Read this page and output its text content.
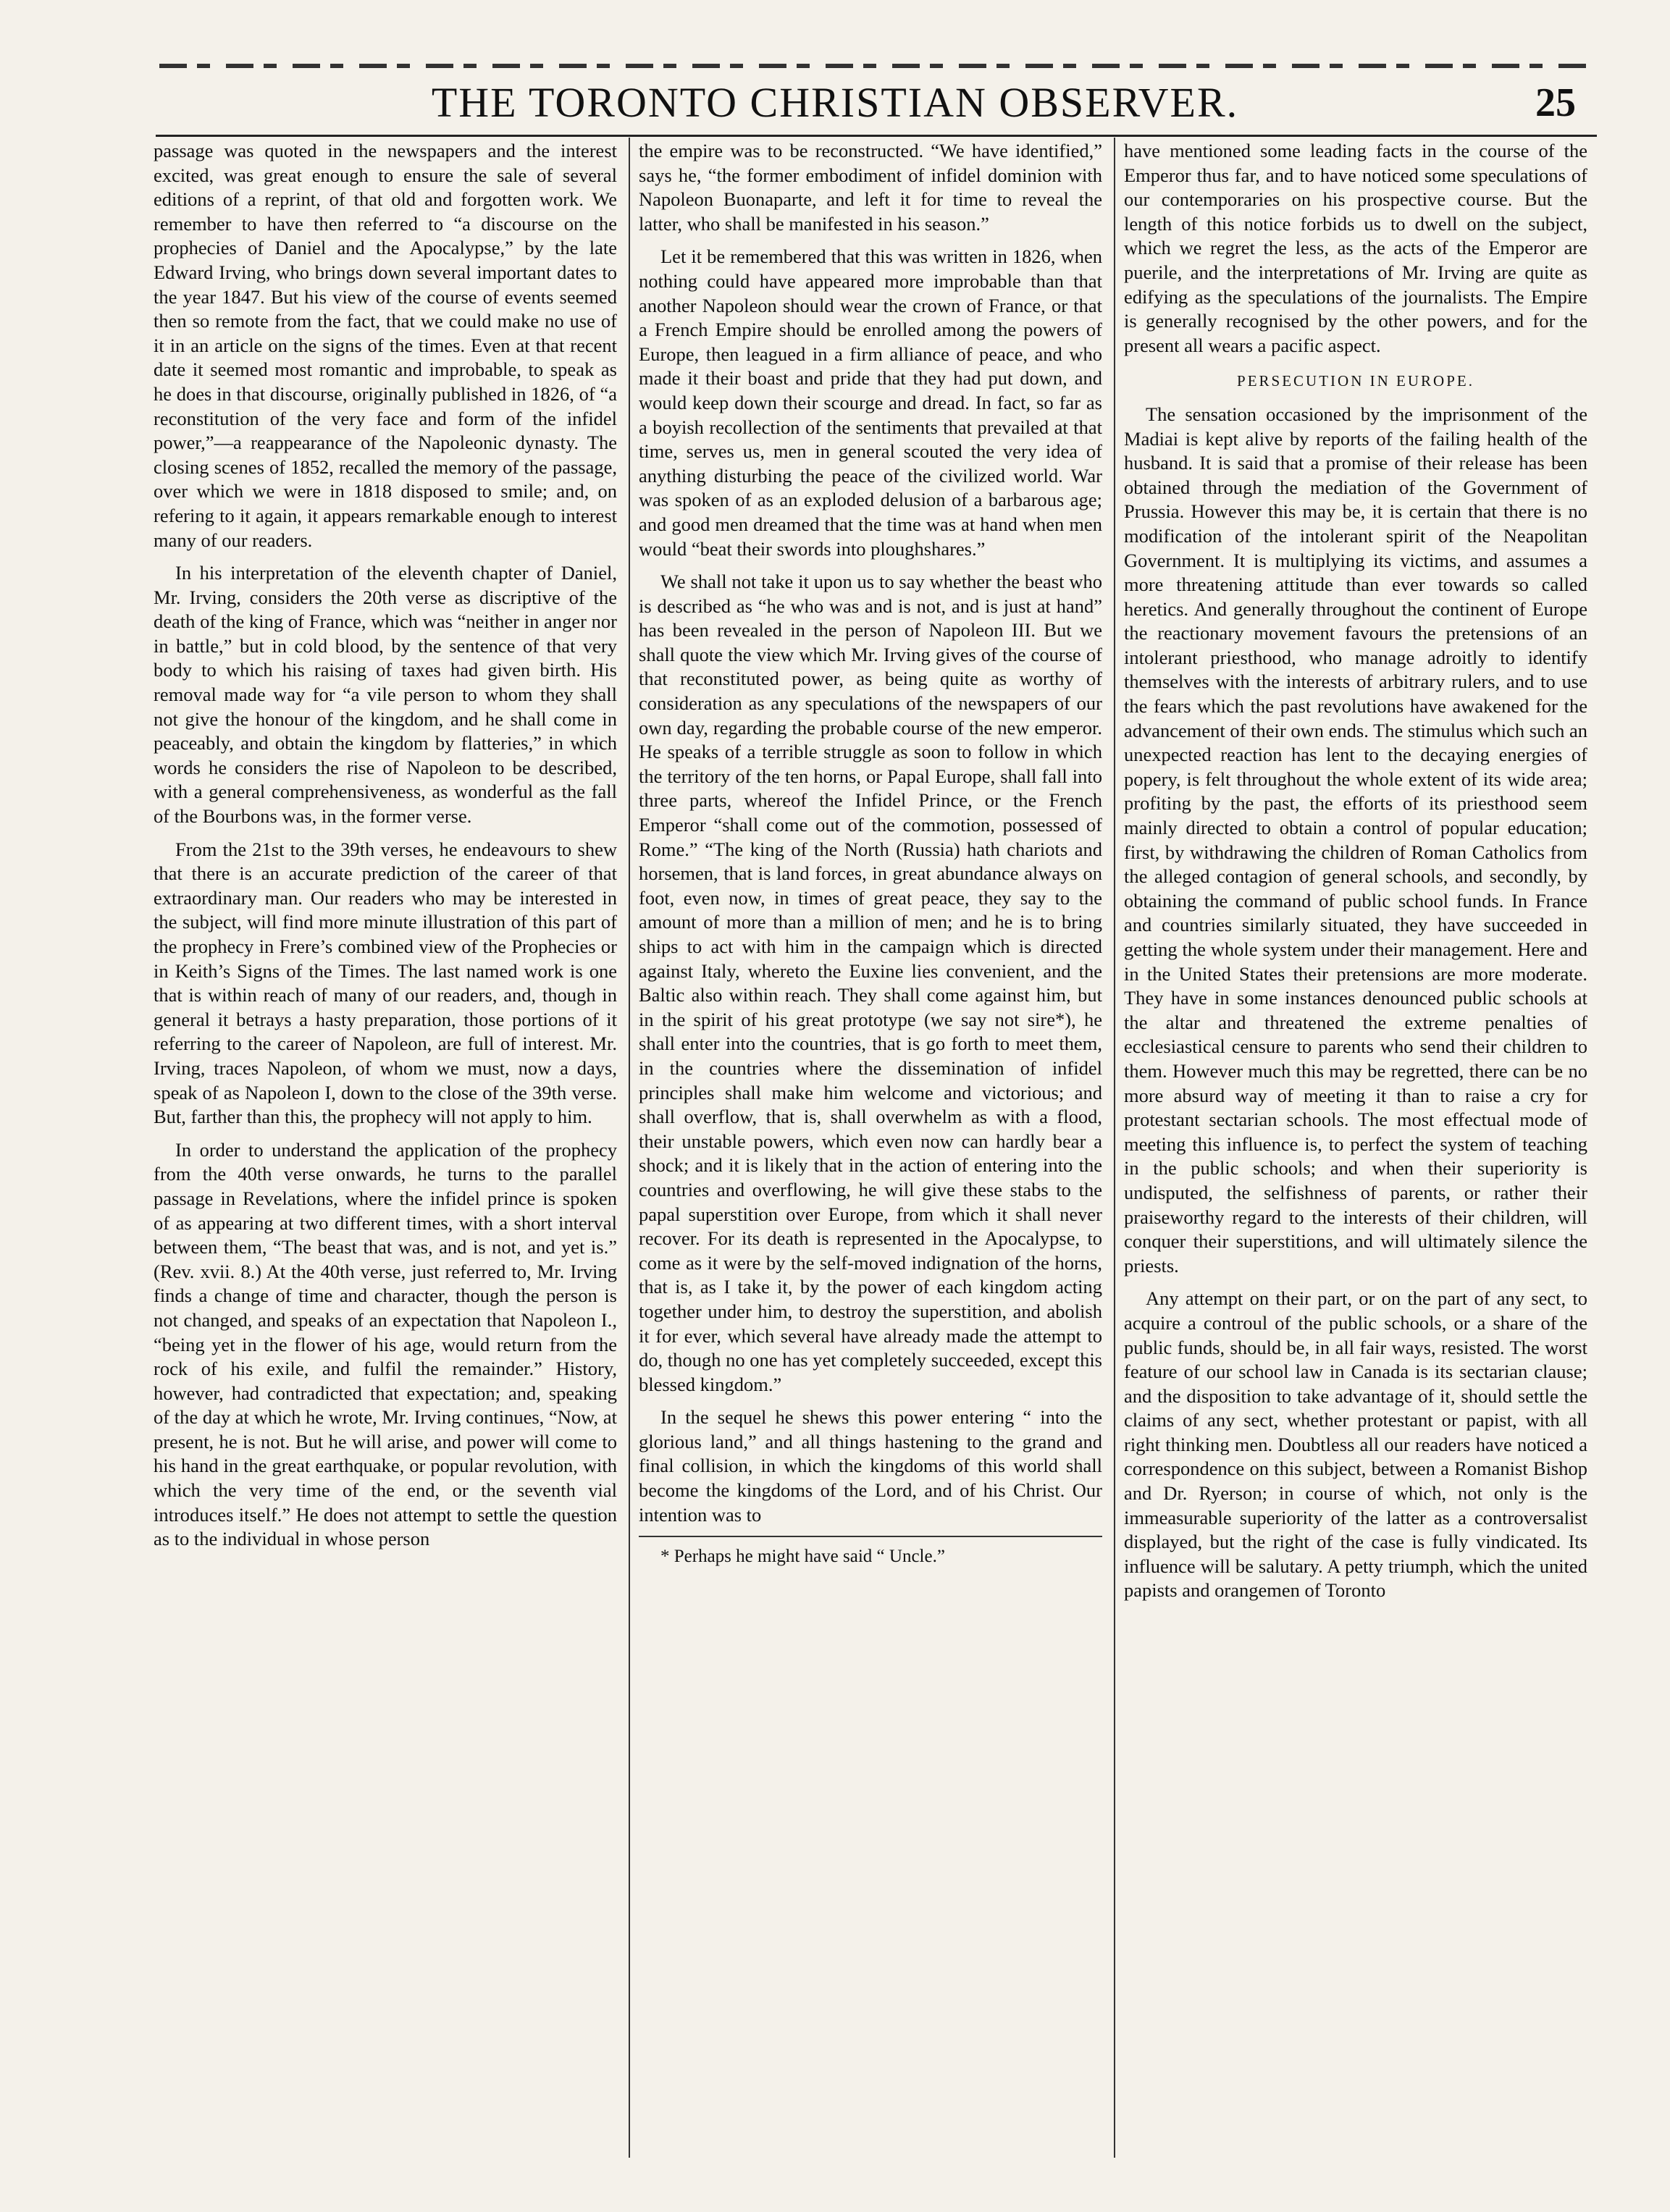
THE TORONTO CHRISTIAN OBSERVER.	25

passage was quoted in the newspapers and the interest excited, was great enough to ensure the sale of several editions of a reprint, of that old and forgotten work. We remember to have then referred to “a discourse on the prophecies of Daniel and the Apocalypse,” by the late Edward Irving, who brings down several important dates to the year 1847. But his view of the course of events seemed then so remote from the fact, that we could make no use of it in an article on the signs of the times. Even at that recent date it seemed most romantic and improbable, to speak as he does in that discourse, originally published in 1826, of “a reconstitution of the very face and form of the infidel power,”—a reappearance of the Napoleonic dynasty. The closing scenes of 1852, recalled the memory of the passage, over which we were in 1818 disposed to smile; and, on refering to it again, it appears remarkable enough to interest many of our readers.

In his interpretation of the eleventh chapter of Daniel, Mr. Irving, considers the 20th verse as discriptive of the death of the king of France, which was “neither in anger nor in battle,” but in cold blood, by the sentence of that very body to which his raising of taxes had given birth. His removal made way for “a vile person to whom they shall not give the honour of the kingdom, and he shall come in peaceably, and obtain the kingdom by flatteries,” in which words he considers the rise of Napoleon to be described, with a general comprehensiveness, as wonderful as the fall of the Bourbons was, in the former verse.

From the 21st to the 39th verses, he endeavours to shew that there is an accurate prediction of the career of that extraordinary man. Our readers who may be interested in the subject, will find more minute illustration of this part of the prophecy in Frere’s combined view of the Prophecies or in Keith’s Signs of the Times. The last named work is one that is within reach of many of our readers, and, though in general it betrays a hasty preparation, those portions of it referring to the career of Napoleon, are full of interest. Mr. Irving, traces Napoleon, of whom we must, now a days, speak of as Napoleon I, down to the close of the 39th verse. But, farther than this, the prophecy will not apply to him.

In order to understand the application of the prophecy from the 40th verse onwards, he turns to the parallel passage in Revelations, where the infidel prince is spoken of as appearing at two different times, with a short interval between them, “The beast that was, and is not, and yet is.” (Rev. xvii. 8.) At the 40th verse, just referred to, Mr. Irving finds a change of time and character, though the person is not changed, and speaks of an expectation that Napoleon I., “being yet in the flower of his age, would return from the rock of his exile, and fulfil the remainder.” History, however, had contradicted that expectation; and, speaking of the day at which he wrote, Mr. Irving continues, “Now, at present, he is not. But he will arise, and power will come to his hand in the great earthquake, or popular revolution, with which the very time of the end, or the seventh vial introduces itself.” He does not attempt to settle the question as to the individual in whose person

the empire was to be reconstructed. “We have identified,” says he, “the former embodiment of infidel dominion with Napoleon Buonaparte, and left it for time to reveal the latter, who shall be manifested in his season.”

Let it be remembered that this was written in 1826, when nothing could have appeared more improbable than that another Napoleon should wear the crown of France, or that a French Empire should be enrolled among the powers of Europe, then leagued in a firm alliance of peace, and who made it their boast and pride that they had put down, and would keep down their scourge and dread. In fact, so far as a boyish recollection of the sentiments that prevailed at that time, serves us, men in general scouted the very idea of anything disturbing the peace of the civilized world. War was spoken of as an exploded delusion of a barbarous age; and good men dreamed that the time was at hand when men would “beat their swords into ploughshares.”

We shall not take it upon us to say whether the beast who is described as “he who was and is not, and is just at hand” has been revealed in the person of Napoleon III. But we shall quote the view which Mr. Irving gives of the course of that reconstituted power, as being quite as worthy of consideration as any speculations of the newspapers of our own day, regarding the probable course of the new emperor. He speaks of a terrible struggle as soon to follow in which the territory of the ten horns, or Papal Europe, shall fall into three parts, whereof the Infidel Prince, or the French Emperor “shall come out of the commotion, possessed of Rome.” “The king of the North (Russia) hath chariots and horsemen, that is land forces, in great abundance always on foot, even now, in times of great peace, they say to the amount of more than a million of men; and he is to bring ships to act with him in the campaign which is directed against Italy, whereto the Euxine lies convenient, and the Baltic also within reach. They shall come against him, but in the spirit of his great prototype (we say not sire*), he shall enter into the countries, that is go forth to meet them, in the countries where the dissemination of infidel principles shall make him welcome and victorious; and shall overflow, that is, shall overwhelm as with a flood, their unstable powers, which even now can hardly bear a shock; and it is likely that in the action of entering into the countries and overflowing, he will give these stabs to the papal superstition over Europe, from which it shall never recover. For its death is represented in the Apocalypse, to come as it were by the self-moved indignation of the horns, that is, as I take it, by the power of each kingdom acting together under him, to destroy the superstition, and abolish it for ever, which several have already made the attempt to do, though no one has yet completely succeeded, except this blessed kingdom.”

In the sequel he shews this power entering “ into the glorious land,” and all things hastening to the grand and final collision, in which the kingdoms of this world shall become the kingdoms of the Lord, and of his Christ. Our intention was to

* Perhaps he might have said “ Uncle.”

have mentioned some leading facts in the course of the Emperor thus far, and to have noticed some speculations of our contemporaries on his prospective course. But the length of this notice forbids us to dwell on the subject, which we regret the less, as the acts of the Emperor are puerile, and the interpretations of Mr. Irving are quite as edifying as the speculations of the journalists. The Empire is generally recognised by the other powers, and for the present all wears a pacific aspect.

PERSECUTION IN EUROPE.

The sensation occasioned by the imprisonment of the Madiai is kept alive by reports of the failing health of the husband. It is said that a promise of their release has been obtained through the mediation of the Government of Prussia. However this may be, it is certain that there is no modification of the intolerant spirit of the Neapolitan Government. It is multiplying its victims, and assumes a more threatening attitude than ever towards so called heretics. And generally throughout the continent of Europe the reactionary movement favours the pretensions of an intolerant priesthood, who manage adroitly to identify themselves with the interests of arbitrary rulers, and to use the fears which the past revolutions have awakened for the advancement of their own ends. The stimulus which such an unexpected reaction has lent to the decaying energies of popery, is felt throughout the whole extent of its wide area; profiting by the past, the efforts of its priesthood seem mainly directed to obtain a control of popular education; first, by withdrawing the children of Roman Catholics from the alleged contagion of general schools, and secondly, by obtaining the command of public school funds. In France and countries similarly situated, they have succeeded in getting the whole system under their management. Here and in the United States their pretensions are more moderate. They have in some instances denounced public schools at the altar and threatened the extreme penalties of ecclesiastical censure to parents who send their children to them. However much this may be regretted, there can be no more absurd way of meeting it than to raise a cry for protestant sectarian schools. The most effectual mode of meeting this influence is, to perfect the system of teaching in the public schools; and when their superiority is undisputed, the selfishness of parents, or rather their praiseworthy regard to the interests of their children, will conquer their superstitions, and will ultimately silence the priests.

Any attempt on their part, or on the part of any sect, to acquire a controul of the public schools, or a share of the public funds, should be, in all fair ways, resisted. The worst feature of our school law in Canada is its sectarian clause; and the disposition to take advantage of it, should settle the claims of any sect, whether protestant or papist, with all right thinking men. Doubtless all our readers have noticed a correspondence on this subject, between a Romanist Bishop and Dr. Ryerson; in course of which, not only is the immeasurable superiority of the latter as a controversalist displayed, but the right of the case is fully vindicated. Its influence will be salutary. A petty triumph, which the united papists and orangemen of Toronto
